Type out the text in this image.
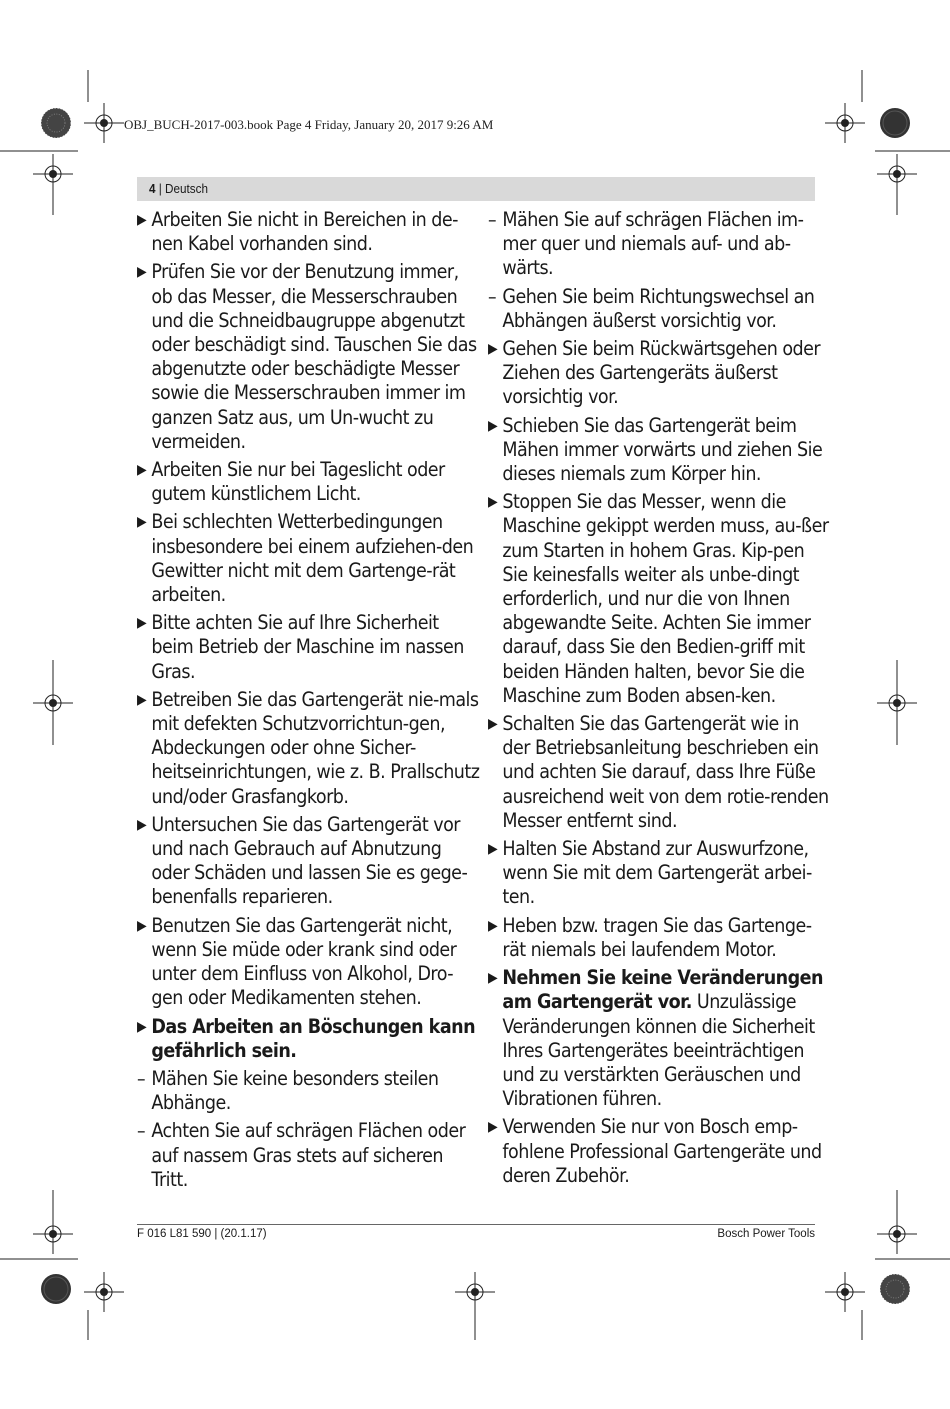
OBJ_BUCH-2017-003.book Page 4 Friday, January 20, 2017 9:26 AM
4 | Deutsch
▶ Arbeiten Sie nicht in Bereichen in de-nen Kabel vorhanden sind.
▶ Prüfen Sie vor der Benutzung immer, ob das Messer, die Messerschrauben und die Schneidbaugruppe abgenutzt oder beschädigt sind. Tauschen Sie das abgenutzte oder beschädigte Messer sowie die Messerschrauben immer im ganzen Satz aus, um Un-wucht zu vermeiden.
▶ Arbeiten Sie nur bei Tageslicht oder gutem künstlichem Licht.
▶ Bei schlechten Wetterbedingungen insbesondere bei einem aufziehen-den Gewitter nicht mit dem Gartenge-rät arbeiten.
▶ Bitte achten Sie auf Ihre Sicherheit beim Betrieb der Maschine im nassen Gras.
▶ Betreiben Sie das Gartengerät nie-mals mit defekten Schutzvorrichtun-gen, Abdeckungen oder ohne Sicher-heitseinrichtungen, wie z. B. Prallschutz und/oder Grasfangkorb.
▶ Untersuchen Sie das Gartengerät vor und nach Gebrauch auf Abnutzung oder Schäden und lassen Sie es gege-benenfalls reparieren.
▶ Benutzen Sie das Gartengerät nicht, wenn Sie müde oder krank sind oder unter dem Einfluss von Alkohol, Dro-gen oder Medikamenten stehen.
▶ Das Arbeiten an Böschungen kann gefährlich sein.
– Mähen Sie keine besonders steilen Abhänge.
– Achten Sie auf schrägen Flächen oder auf nassem Gras stets auf sicheren Tritt.
– Mähen Sie auf schrägen Flächen im-mer quer und niemals auf- und ab-wärts.
– Gehen Sie beim Richtungswechsel an Abhängen äußerst vorsichtig vor.
▶ Gehen Sie beim Rückwärtsgehen oder Ziehen des Gartengeräts äußerst vorsichtig vor.
▶ Schieben Sie das Gartengerät beim Mähen immer vorwärts und ziehen Sie dieses niemals zum Körper hin.
▶ Stoppen Sie das Messer, wenn die Maschine gekippt werden muss, au-ßer zum Starten in hohem Gras. Kip-pen Sie keinesfalls weiter als unbe-dingt erforderlich, und nur die von Ihnen abgewandte Seite. Achten Sie immer darauf, dass Sie den Bedien-griff mit beiden Händen halten, bevor Sie die Maschine zum Boden absen-ken.
▶ Schalten Sie das Gartengerät wie in der Betriebsanleitung beschrieben ein und achten Sie darauf, dass Ihre Füße ausreichend weit von dem rotie-renden Messer entfernt sind.
▶ Halten Sie Abstand zur Auswurfzone, wenn Sie mit dem Gartengerät arbei-ten.
▶ Heben bzw. tragen Sie das Gartenge-rät niemals bei laufendem Motor.
▶ Nehmen Sie keine Veränderungen am Gartengerät vor. Unzulässige Veränderungen können die Sicherheit Ihres Gartengerätes beeinträchtigen und zu verstärkten Geräuschen und Vibrationen führen.
▶ Verwenden Sie nur von Bosch emp-fohlene Professional Gartengeräte und deren Zubehör.
F 016 L81 590 | (20.1.17)	Bosch Power Tools
